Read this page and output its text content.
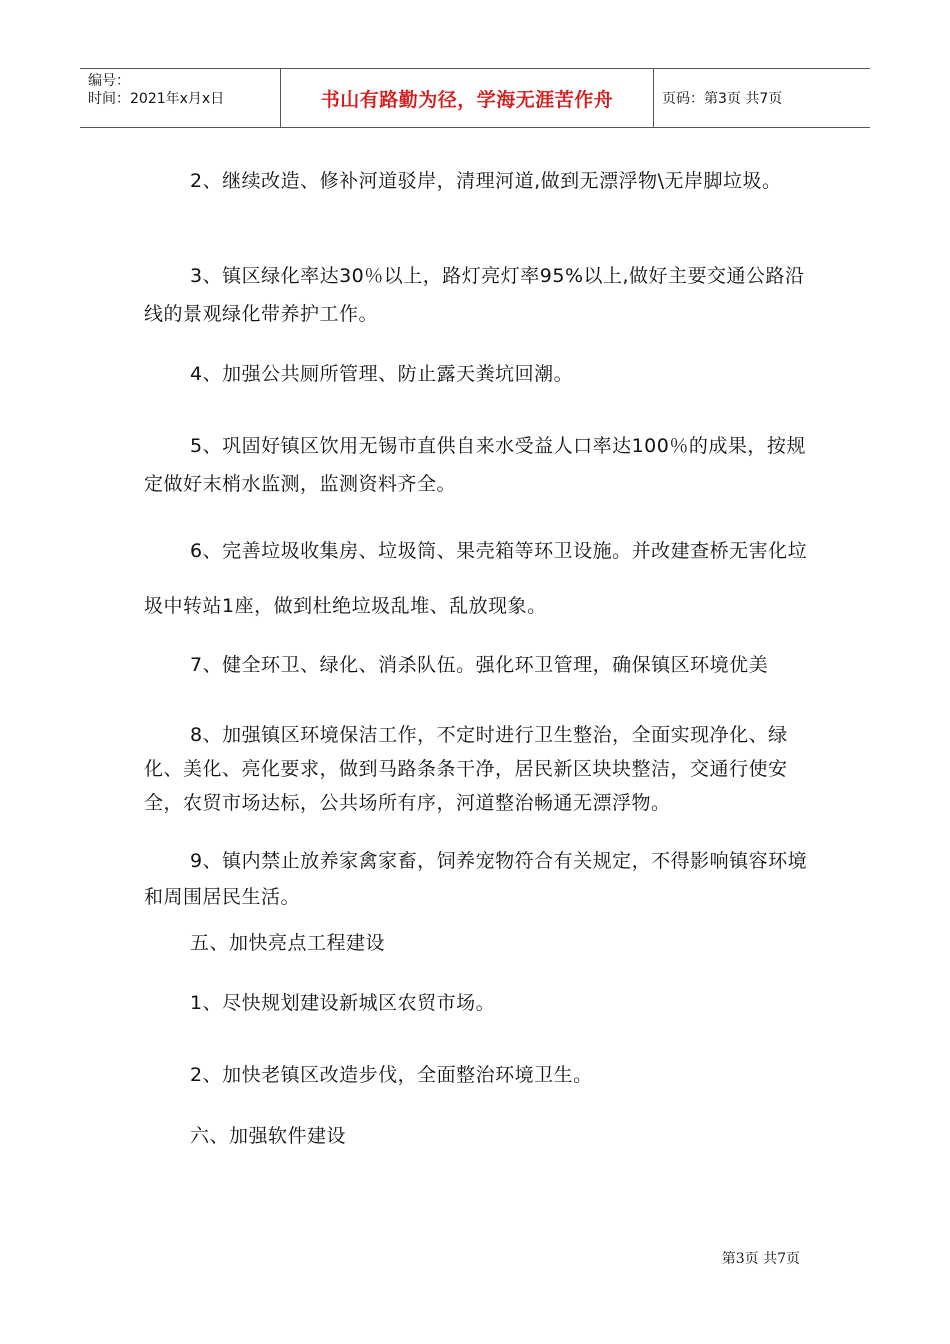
编号：
时间：2021年x月x日	书山有路勤为径，学海无涯苦作舟	页码：第3页 共7页

2、继续改造、修补河道驳岸，清理河道,做到无漂浮物\无岸脚垃圾。

3、镇区绿化率达30％以上，路灯亮灯率95%以上,做好主要交通公路沿线的景观绿化带养护工作。

4、加强公共厕所管理、防止露天粪坑回潮。

5、巩固好镇区饮用无锡市直供自来水受益人口率达100％的成果，按规定做好末梢水监测，监测资料齐全。

6、完善垃圾收集房、垃圾筒、果壳箱等环卫设施。并改建查桥无害化垃圾中转站1座，做到杜绝垃圾乱堆、乱放现象。

7、健全环卫、绿化、消杀队伍。强化环卫管理，确保镇区环境优美

8、加强镇区环境保洁工作，不定时进行卫生整治，全面实现净化、绿化、美化、亮化要求，做到马路条条干净，居民新区块块整洁，交通行使安全，农贸市场达标，公共场所有序，河道整治畅通无漂浮物。

9、镇内禁止放养家禽家畜，饲养宠物符合有关规定，不得影响镇容环境和周围居民生活。

五、加快亮点工程建设

1、尽快规划建设新城区农贸市场。

2、加快老镇区改造步伐，全面整治环境卫生。

六、加强软件建设

第3页 共7页
